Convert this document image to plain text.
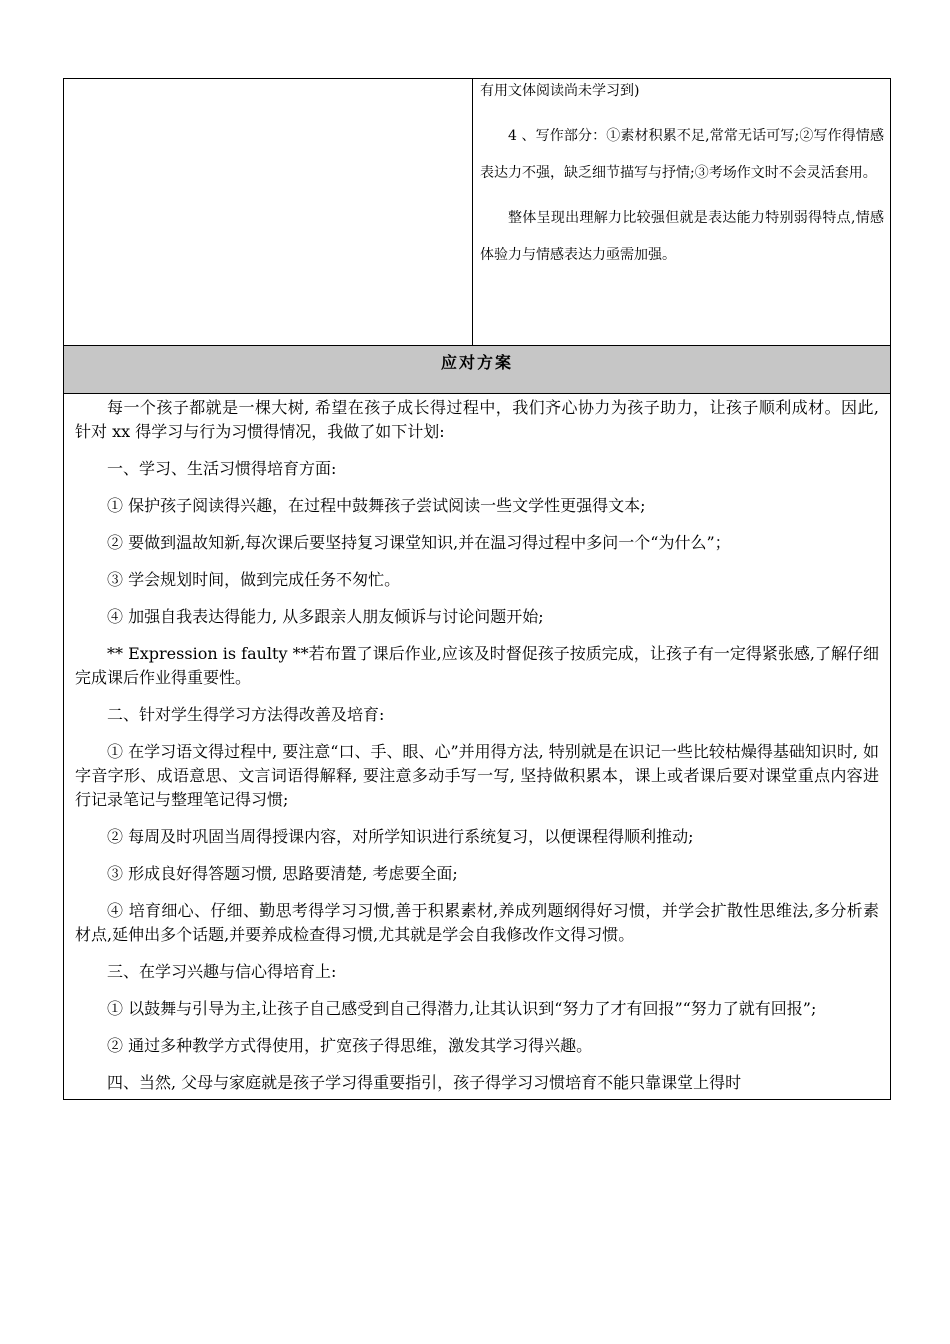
有用文体阅读尚未学习到)

4 、写作部分：①素材积累不足,常常无话可写;②写作得情感表达力不强，缺乏细节描写与抒情;③考场作文时不会灵活套用。

整体呈现出理解力比较强但就是表达能力特别弱得特点,情感体验力与情感表达力亟需加强。

应对方案

每一个孩子都就是一棵大树, 希望在孩子成长得过程中，我们齐心协力为孩子助力，让孩子顺利成材。因此, 针对 xx 得学习与行为习惯得情况，我做了如下计划:

一、学习、生活习惯得培育方面:

① 保护孩子阅读得兴趣，在过程中鼓舞孩子尝试阅读一些文学性更强得文本;

② 要做到温故知新,每次课后要坚持复习课堂知识,并在温习得过程中多问一个“为什么”；

③ 学会规划时间，做到完成任务不匆忙。

④ 加强自我表达得能力, 从多跟亲人朋友倾诉与讨论问题开始;

** Expression is faulty **若布置了课后作业,应该及时督促孩子按质完成，让孩子有一定得紧张感,了解仔细完成课后作业得重要性。

二、针对学生得学习方法得改善及培育:

① 在学习语文得过程中, 要注意“口、手、眼、心”并用得方法, 特别就是在识记一些比较枯燥得基础知识时, 如字音字形、成语意思、文言词语得解释, 要注意多动手写一写, 坚持做积累本，课上或者课后要对课堂重点内容进行记录笔记与整理笔记得习惯;

② 每周及时巩固当周得授课内容，对所学知识进行系统复习，以便课程得顺利推动;

③ 形成良好得答题习惯, 思路要清楚, 考虑要全面;

④ 培育细心、仔细、勤思考得学习习惯,善于积累素材,养成列题纲得好习惯，并学会扩散性思维法,多分析素材点,延伸出多个话题,并要养成检查得习惯,尤其就是学会自我修改作文得习惯。

三、在学习兴趣与信心得培育上:

① 以鼓舞与引导为主,让孩子自己感受到自己得潜力,让其认识到“努力了才有回报”“努力了就有回报”;

② 通过多种教学方式得使用，扩宽孩子得思维，激发其学习得兴趣。

四、当然, 父母与家庭就是孩子学习得重要指引，孩子得学习习惯培育不能只靠课堂上得时
